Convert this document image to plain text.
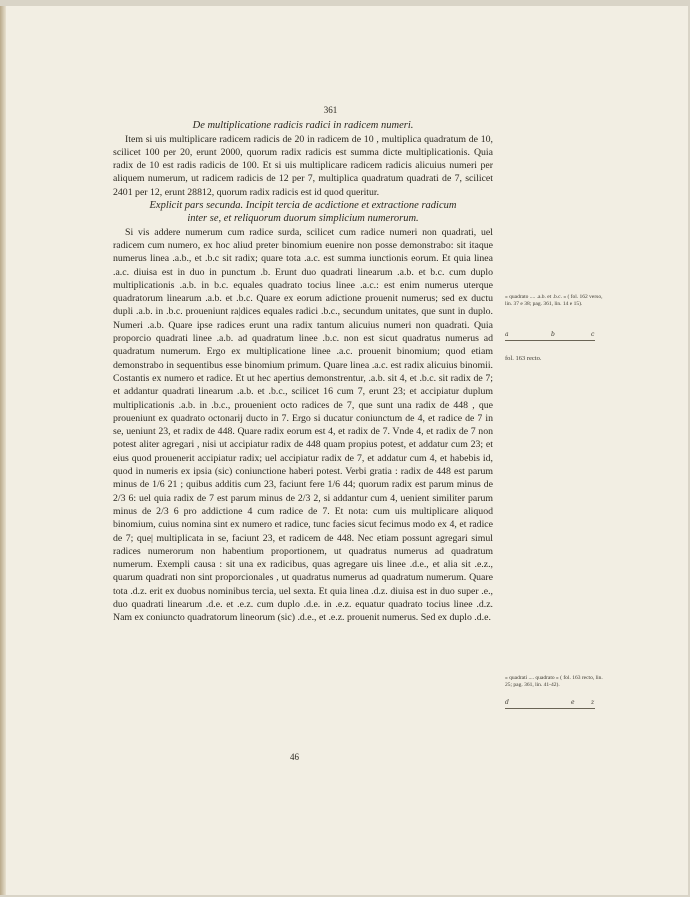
361
De multiplicatione radicis radici in radicem numeri.

Item si uis multiplicare radicem radicis de 20 in radicem de 10 , multiplica quadratum de 10, scilicet 100 per 20, erunt 2000, quorum radix radicis est summa dicte multiplicationis. Quia radix de 10 est radis radicis de 100. Et si uis multiplicare radicem radicis alicuius numeri per aliquem numerum, ut radicem radicis de 12 per 7, multiplica quadratum quadrati de 7, scilicet 2401 per 12, erunt 28812, quorum radix radicis est id quod queritur.

Explicit pars secunda. Incipit tercia de acdictione et extractione radicum
inter se, et reliquorum duorum simplicium numerorum.

Si vis addere numerum cum radice surda, scilicet cum radice numeri non quadrati, uel radicem cum numero, ex hoc aliud preter binomium euenire non posse demonstrabo: sit itaque numerus linea .a.b., et .b.c sit radix; quare tota .a.c. est summa iunctionis eorum. Et quia linea .a.c. diuisa est in duo in punctum .b. Erunt duo quadrati linearum .a.b. et b.c. cum duplo multiplicationis .a.b. in b.c. equales quadrato tocius linee .a.c.: est enim numerus uterque quadratorum linearum .a.b. et .b.c. Quare ex eorum adictione prouenit numerus; sed ex ductu dupli .a.b. in .b.c. proueniunt ra|dices equales radici .b.c., secundum unitates, que sunt in duplo. Numeri .a.b. Quare ipse radices erunt una radix tantum alicuius numeri non quadrati. Quia proporcio quadrati linee .a.b. ad quadratum linee .b.c. non est sicut quadratus numerus ad quadratum numerum. Ergo ex multiplicatione linee .a.c. prouenit binomium; quod etiam demonstrabo in sequentibus esse binomium primum. Quare linea .a.c. est radix alicuius binomii. Costantis ex numero et radice. Et ut hec apertius demonstrentur, .a.b. sit 4, et .b.c. sit radix de 7; et addantur quadrati linearum .a.b. et .b.c., scilicet 16 cum 7, erunt 23; et accipiatur duplum multiplicationis .a.b. in .b.c., prouenient octo radices de 7, que sunt una radix de 448 , que proueniunt ex quadrato octonarij ducto in 7. Ergo si ducatur coniunctum de 4, et radice de 7 in se, ueniunt 23, et radix de 448. Quare radix eorum est 4, et radix de 7. Vnde 4, et radix de 7 non potest aliter agregari , nisi ut accipiatur radix de 448 quam propius potest, et addatur cum 23; et eius quod prouenerit accipiatur radix; uel accipiatur radix de 7, et addatur cum 4, et habebis id, quod in numeris ex ipsia (sic) coniunctione haberi potest. Verbi gratia : radix de 448 est parum minus de 1/6 21 ; quibus additis cum 23, faciunt fere 1/6 44; quorum radix est parum minus de 2/3 6: uel quia radix de 7 est parum minus de 2/3 2, si addantur cum 4, uenient similiter parum minus de 2/3 6 pro addictione 4 cum radice de 7. Et nota: cum uis multiplicare aliquod binomium, cuius nomina sint ex numero et radice, tunc facies sicut fecimus modo ex 4, et radice de 7; que| multiplicata in se, faciunt 23, et radicem de 448. Nec etiam possunt agregari simul radices numerorum non habentium proportionem, ut quadratus numerus ad quadratum numerum. Exempli causa : sit una ex radicibus, quas agregare uis linee .d.e., et alia sit .e.z., quarum quadrati non sint proporcionales , ut quadratus numerus ad quadratum numerum. Quare tota .d.z. erit ex duobus nominibus tercia, uel sexta. Et quia linea .d.z. diuisa est in duo super .e., duo quadrati linearum .d.e. et .e.z. cum duplo .d.e. in .e.z. equatur quadrato tocius linee .d.z. Nam ex coniuncto quadratorum lineorum (sic) .d.e., et .e.z. prouenit numerus. Sed ex duplo .d.e.

« quadrato .... .a.b. et .b.c. » ( fol. 162 verso, lin. 37 e 38; pag. 361, lin. 14 e 15).
a	b	c
fol. 163 recto.
« quadrati .... quadrato » ( fol. 163 recto, lin. 25; pag. 361, lin. 41-42).
d	e	z
46
